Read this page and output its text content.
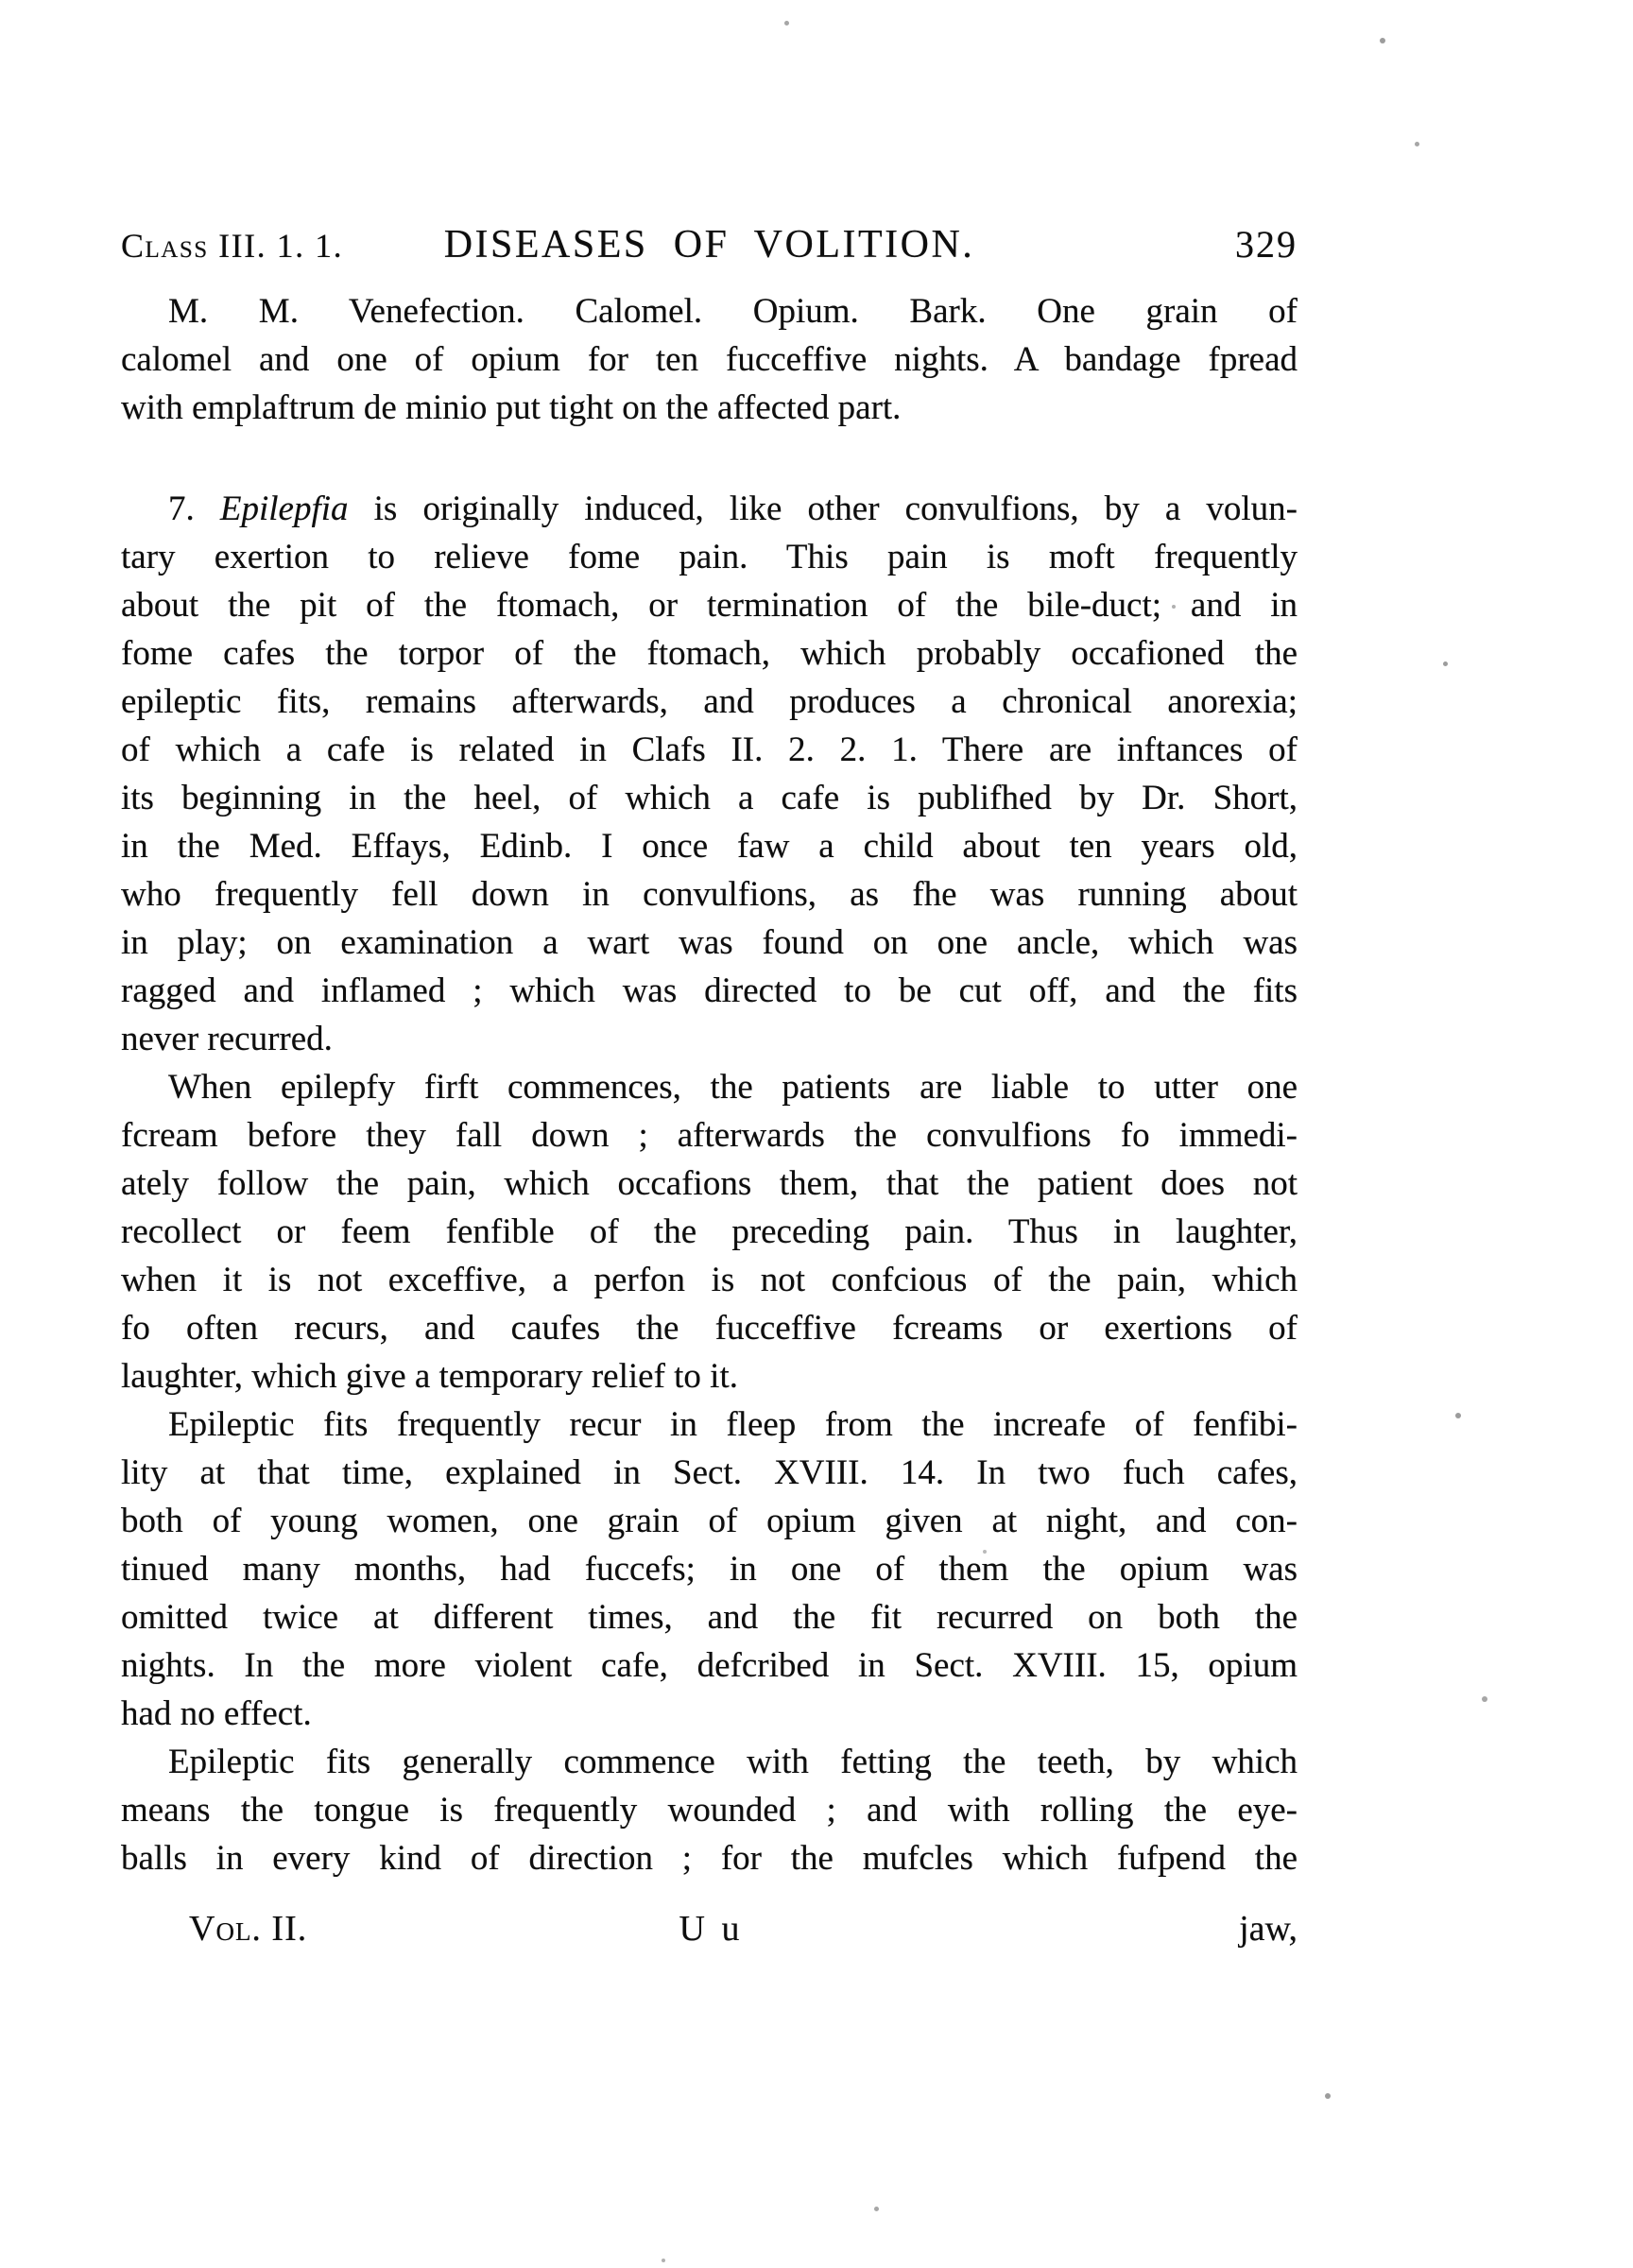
Class III. 1. 1.	DISEASES OF VOLITION.	329
M. M. Venefection. Calomel. Opium. Bark. One grain of
calomel and one of opium for ten fucceffive nights. A bandage fpread
with emplaftrum de minio put tight on the affected part.
7. Epilepfia is originally induced, like other convulfions, by a volun-
tary exertion to relieve fome pain. This pain is moft frequently
about the pit of the ftomach, or termination of the bile-duct; and in
fome cafes the torpor of the ftomach, which probably occafioned the
epileptic fits, remains afterwards, and produces a chronical anorexia;
of which a cafe is related in Clafs II. 2. 2. 1. There are inftances of
its beginning in the heel, of which a cafe is publifhed by Dr. Short,
in the Med. Effays, Edinb. I once faw a child about ten years old,
who frequently fell down in convulfions, as fhe was running about
in play; on examination a wart was found on one ancle, which was
ragged and inflamed ; which was directed to be cut off, and the fits
never recurred.
When epilepfy firft commences, the patients are liable to utter one
fcream before they fall down ; afterwards the convulfions fo immedi-
ately follow the pain, which occafions them, that the patient does not
recollect or feem fenfible of the preceding pain. Thus in laughter,
when it is not exceffive, a perfon is not confcious of the pain, which
fo often recurs, and caufes the fucceffive fcreams or exertions of
laughter, which give a temporary relief to it.
Epileptic fits frequently recur in fleep from the increafe of fenfibi-
lity at that time, explained in Sect. XVIII. 14. In two fuch cafes,
both of young women, one grain of opium given at night, and con-
tinued many months, had fuccefs; in one of them the opium was
omitted twice at different times, and the fit recurred on both the
nights. In the more violent cafe, defcribed in Sect. XVIII. 15, opium
had no effect.
Epileptic fits generally commence with fetting the teeth, by which
means the tongue is frequently wounded ; and with rolling the eye-
balls in every kind of direction ; for the mufcles which fufpend the
Vol. II.	U u	jaw,
